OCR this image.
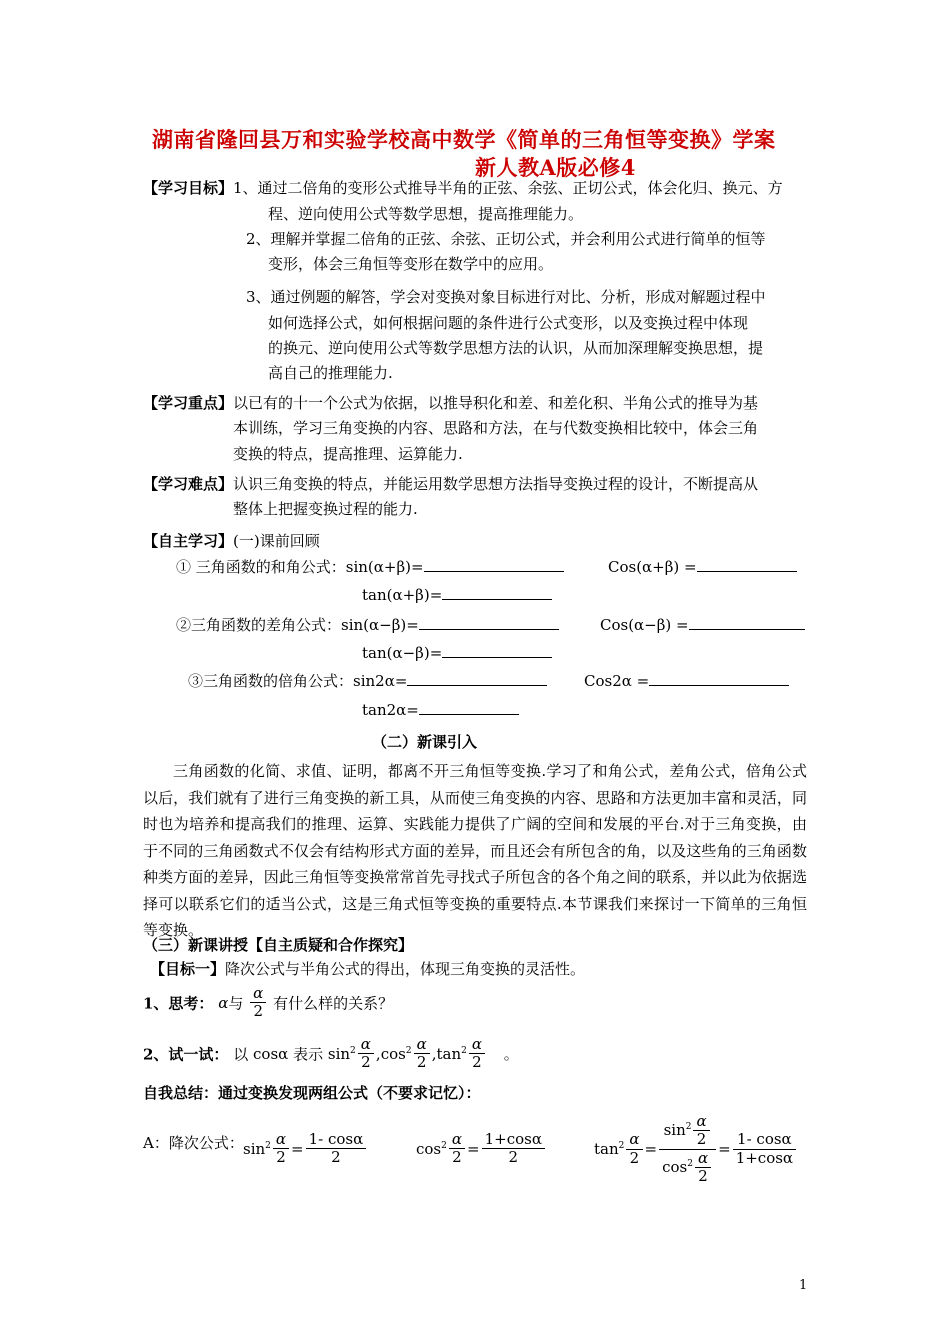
湖南省隆回县万和实验学校高中数学《简单的三角恒等变换》学案
新人教A版必修4
【学习目标】1、通过二倍角的变形公式推导半角的正弦、余弦、正切公式，体会化归、换元、方
程、逆向使用公式等数学思想，提高推理能力。
2、理解并掌握二倍角的正弦、余弦、正切公式，并会利用公式进行简单的恒等
变形，体会三角恒等变形在数学中的应用。
3、通过例题的解答，学会对变换对象目标进行对比、分析，形成对解题过程中
如何选择公式，如何根据问题的条件进行公式变形，以及变换过程中体现
的换元、逆向使用公式等数学思想方法的认识，从而加深理解变换思想，提
高自己的推理能力.
【学习重点】以已有的十一个公式为依据，以推导积化和差、和差化积、半角公式的推导为基
本训练，学习三角变换的内容、思路和方法，在与代数变换相比较中，体会三角
变换的特点，提高推理、运算能力.
【学习难点】认识三角变换的特点，并能运用数学思想方法指导变换过程的设计，不断提高从
整体上把握变换过程的能力.
【自主学习】(一)课前回顾
① 三角函数的和角公式：sin(α+β)=	Cos(α+β) =
tan(α+β)=
②三角函数的差角公式：sin(α−β)=	Cos(α−β) =
tan(α−β)=
③三角函数的倍角公式：sin2α=	Cos2α =
tan2α=
（二）新课引入
三角函数的化简、求值、证明，都离不开三角恒等变换.学习了和角公式，差角公式，倍角公式以后，我们就有了进行三角变换的新工具，从而使三角变换的内容、思路和方法更加丰富和灵活，同时也为培养和提高我们的推理、运算、实践能力提供了广阔的空间和发展的平台.对于三角变换，由于不同的三角函数式不仅会有结构形式方面的差异，而且还会有所包含的角，以及这些角的三角函数种类方面的差异，因此三角恒等变换常常首先寻找式子所包含的各个角之间的联系，并以此为依据选择可以联系它们的适当公式，这是三角式恒等变换的重要特点.本节课我们来探讨一下简单的三角恒等变换。
（三）新课讲授【自主质疑和合作探究】
【目标一】降次公式与半角公式的得出，体现三角变换的灵活性。
1、思考： α与 $\frac{\alpha}{2}$ 有什么样的关系？
2、试一试： 以 cosα 表示 $\sin^2 \frac{\alpha}{2} ,\cos^2 \frac{\alpha}{2} ,\tan^2 \frac{\alpha}{2}$ 。
自我总结：通过变换发现两组公式（不要求记忆）：
A：降次公式： $\sin^2 \frac{\alpha}{2} = \frac{1- \cos\alpha}{2}$	$\cos^2 \frac{\alpha}{2} = \frac{1+\cos\alpha}{2}$	$\tan^2 \frac{\alpha}{2} = \frac{\sin^2 \frac{\alpha}{2}}{\cos^2 \frac{\alpha}{2}} = \frac{1- \cos\alpha}{1+\cos\alpha}$
1
